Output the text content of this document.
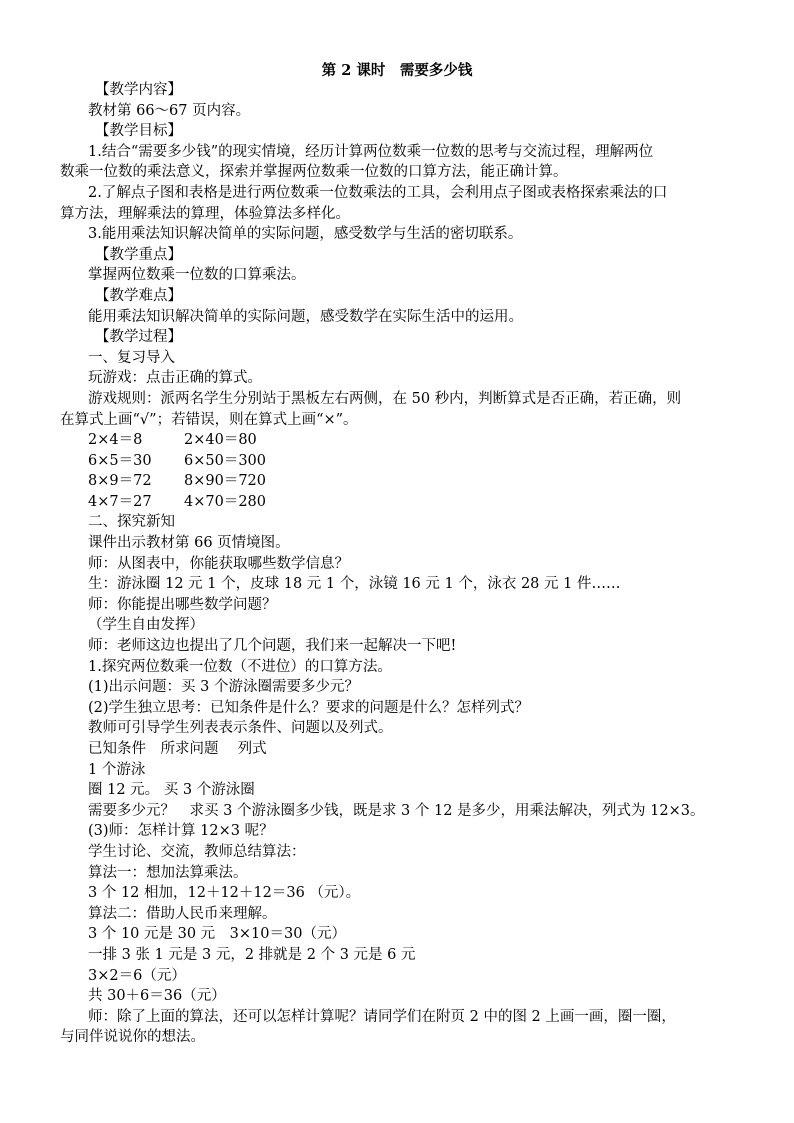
第 2 课时　需要多少钱

【教学内容】

教材第 66～67 页内容。

【教学目标】

1.结合“需要多少钱”的现实情境，经历计算两位数乘一位数的思考与交流过程，理解两位

数乘一位数的乘法意义，探索并掌握两位数乘一位数的口算方法，能正确计算。

2.了解点子图和表格是进行两位数乘一位数乘法的工具，会利用点子图或表格探索乘法的口

算方法，理解乘法的算理，体验算法多样化。

3.能用乘法知识解决简单的实际问题，感受数学与生活的密切联系。

【教学重点】

掌握两位数乘一位数的口算乘法。

【教学难点】

能用乘法知识解决简单的实际问题，感受数学在实际生活中的运用。

【教学过程】

一、复习导入

玩游戏：点击正确的算式。

游戏规则：派两名学生分别站于黑板左右两侧，在 50 秒内，判断算式是否正确，若正确，则

在算式上画“√”；若错误，则在算式上画“×”。

2×4＝8	2×40＝80

6×5＝30 6×50＝300

8×9＝72 8×90＝720

4×7＝27 4×70＝280

二、探究新知

课件出示教材第 66 页情境图。

师：从图表中，你能获取哪些数学信息？

生：游泳圈 12 元 1 个，皮球 18 元 1 个，泳镜 16 元 1 个，泳衣 28 元 1 件……

师：你能提出哪些数学问题？

（学生自由发挥）

师：老师这边也提出了几个问题，我们来一起解决一下吧!

1.探究两位数乘一位数（不进位）的口算方法。

(1)出示问题：买 3 个游泳圈需要多少元？

(2)学生独立思考：已知条件是什么？要求的问题是什么？怎样列式？

教师可引导学生列表表示条件、问题以及列式。

已知条件　所求问题　 列式

1 个游泳

圈 12 元。 买 3 个游泳圈

需要多少元？　求买 3 个游泳圈多少钱，既是求 3 个 12 是多少，用乘法解决，列式为 12×3。

(3)师：怎样计算 12×3 呢？

学生讨论、交流，教师总结算法：

算法一：想加法算乘法。

3 个 12 相加，12＋12＋12＝36 （元）。

算法二：借助人民币来理解。

3 个 10 元是 30 元　3×10＝30（元）

一排 3 张 1 元是 3 元，2 排就是 2 个 3 元是 6 元

3×2＝6（元）

共 30＋6＝36（元）

师：除了上面的算法，还可以怎样计算呢？请同学们在附页 2 中的图 2 上画一画，圈一圈，

与同伴说说你的想法。
